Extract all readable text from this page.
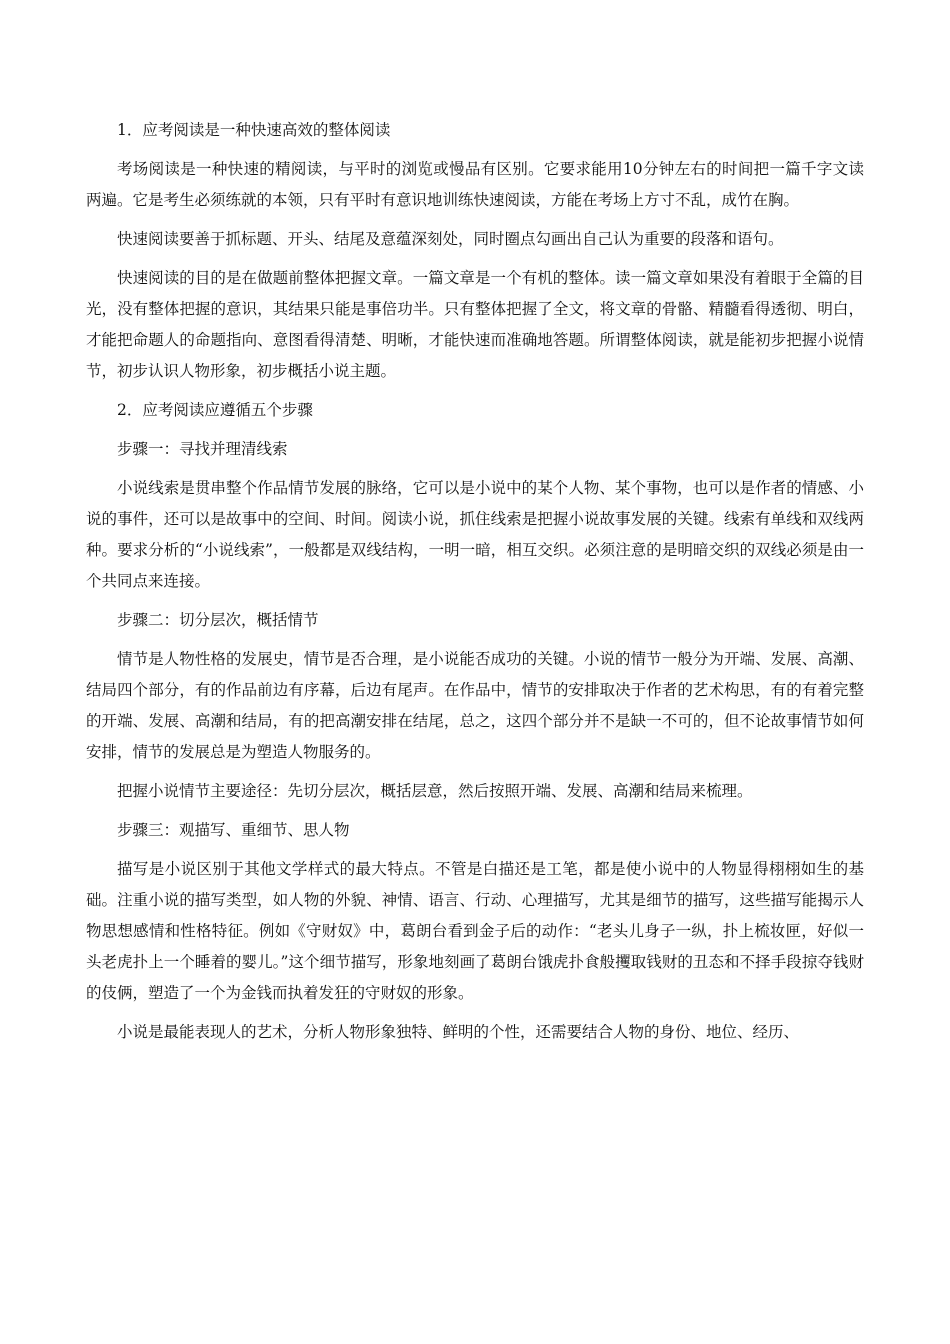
1．应考阅读是一种快速高效的整体阅读

考场阅读是一种快速的精阅读，与平时的浏览或慢品有区别。它要求能用10分钟左右的时间把一篇千字文读两遍。它是考生必须练就的本领，只有平时有意识地训练快速阅读，方能在考场上方寸不乱，成竹在胸。

快速阅读要善于抓标题、开头、结尾及意蕴深刻处，同时圈点勾画出自己认为重要的段落和语句。

快速阅读的目的是在做题前整体把握文章。一篇文章是一个有机的整体。读一篇文章如果没有着眼于全篇的目光，没有整体把握的意识，其结果只能是事倍功半。只有整体把握了全文，将文章的骨骼、精髓看得透彻、明白，才能把命题人的命题指向、意图看得清楚、明晰，才能快速而准确地答题。所谓整体阅读，就是能初步把握小说情节，初步认识人物形象，初步概括小说主题。

2．应考阅读应遵循五个步骤

步骤一：寻找并理清线索

小说线索是贯串整个作品情节发展的脉络，它可以是小说中的某个人物、某个事物，也可以是作者的情感、小说的事件，还可以是故事中的空间、时间。阅读小说，抓住线索是把握小说故事发展的关键。线索有单线和双线两种。要求分析的“小说线索”，一般都是双线结构，一明一暗，相互交织。必须注意的是明暗交织的双线必须是由一个共同点来连接。

步骤二：切分层次，概括情节

情节是人物性格的发展史，情节是否合理，是小说能否成功的关键。小说的情节一般分为开端、发展、高潮、结局四个部分，有的作品前边有序幕，后边有尾声。在作品中，情节的安排取决于作者的艺术构思，有的有着完整的开端、发展、高潮和结局，有的把高潮安排在结尾，总之，这四个部分并不是缺一不可的，但不论故事情节如何安排，情节的发展总是为塑造人物服务的。

把握小说情节主要途径：先切分层次，概括层意，然后按照开端、发展、高潮和结局来梳理。

步骤三：观描写、重细节、思人物

描写是小说区别于其他文学样式的最大特点。不管是白描还是工笔，都是使小说中的人物显得栩栩如生的基础。注重小说的描写类型，如人物的外貌、神情、语言、行动、心理描写，尤其是细节的描写，这些描写能揭示人物思想感情和性格特征。例如《守财奴》中，葛朗台看到金子后的动作：“老头儿身子一纵，扑上梳妆匣，好似一头老虎扑上一个睡着的婴儿。”这个细节描写，形象地刻画了葛朗台饿虎扑食般攫取钱财的丑态和不择手段掠夺钱财的伎俩，塑造了一个为金钱而执着发狂的守财奴的形象。

小说是最能表现人的艺术，分析人物形象独特、鲜明的个性，还需要结合人物的身份、地位、经历、
